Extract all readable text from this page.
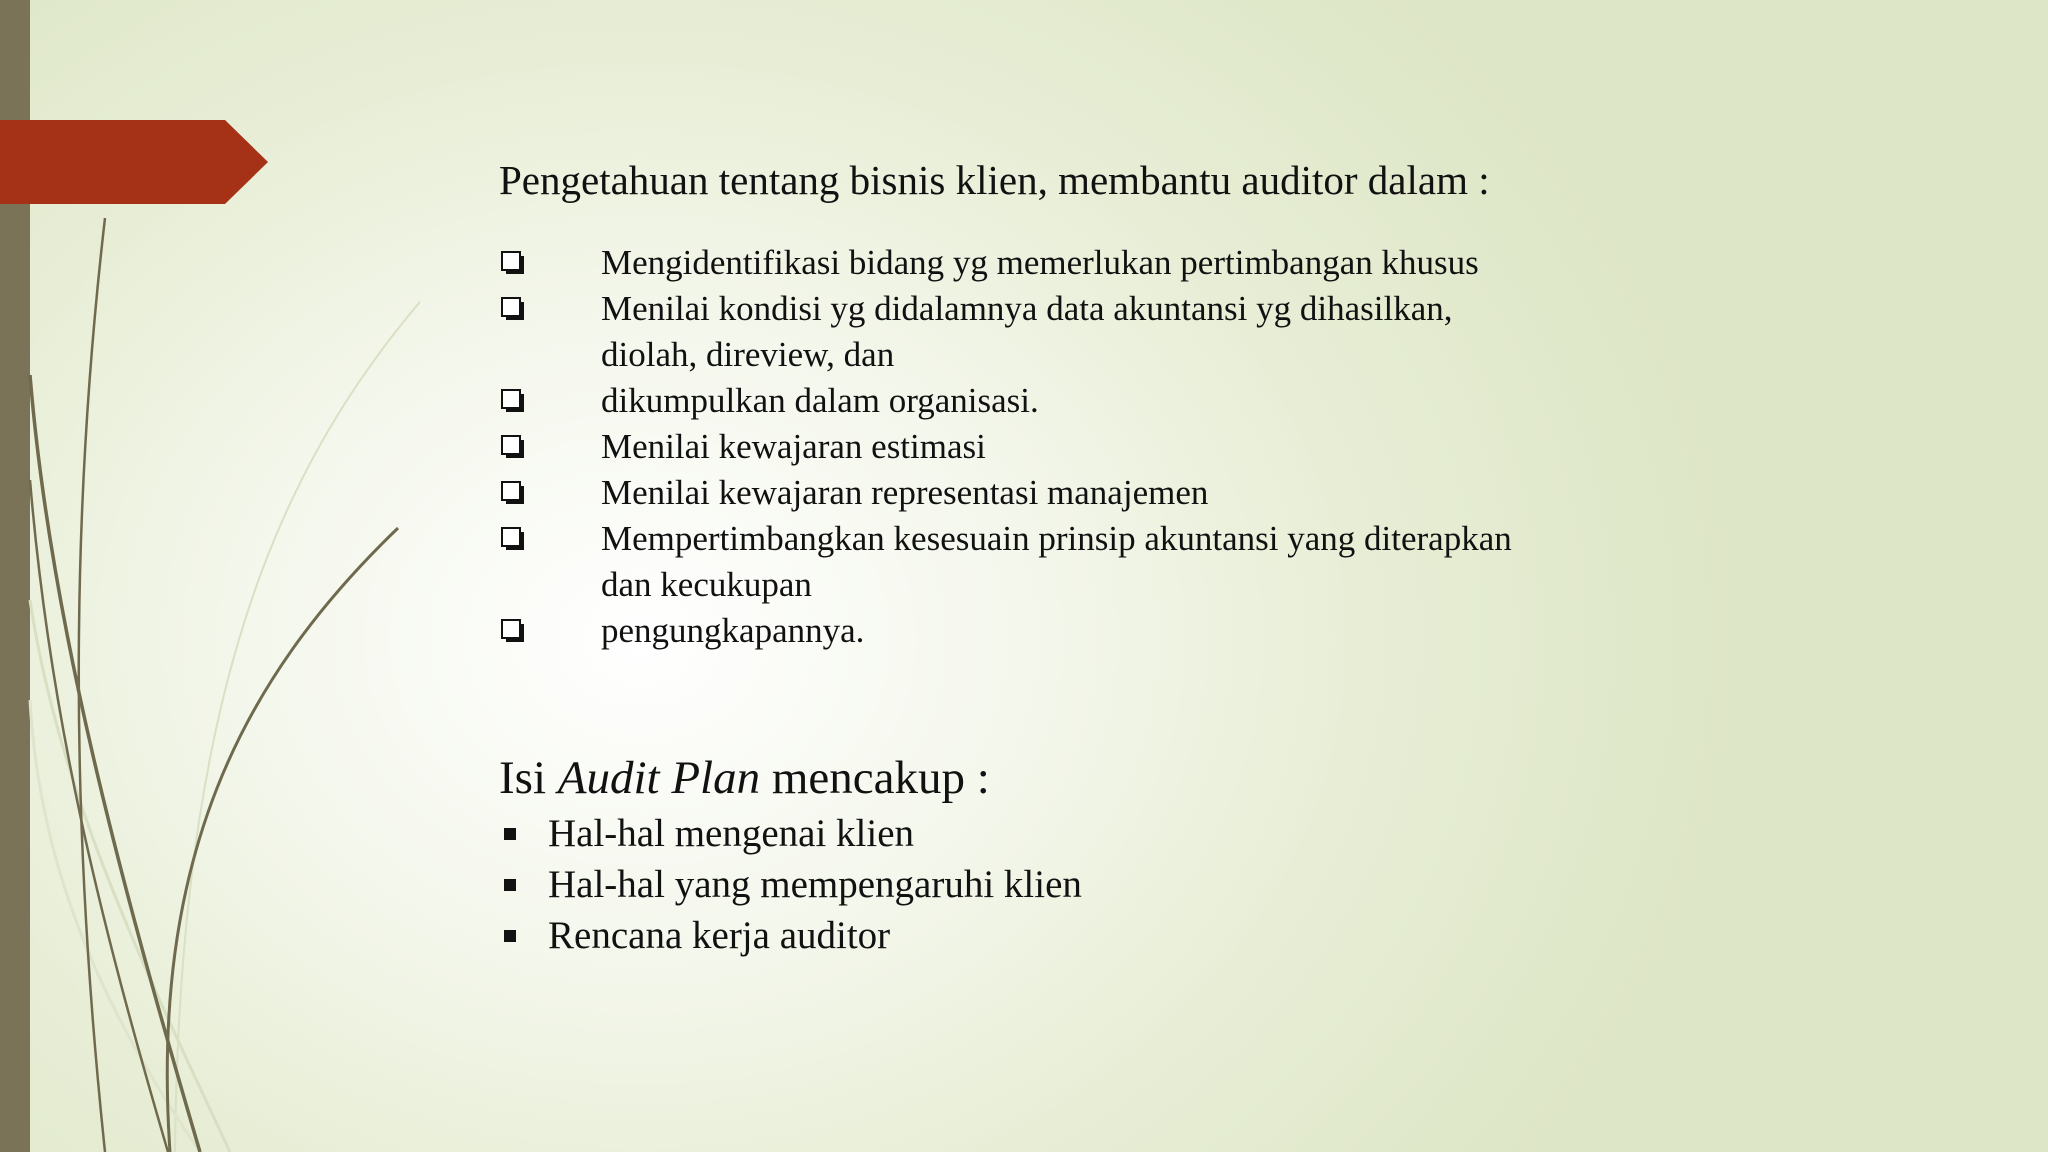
Pengetahuan tentang bisnis klien, membantu auditor dalam :

Mengidentifikasi bidang yg memerlukan pertimbangan khusus
Menilai kondisi yg didalamnya data akuntansi yg dihasilkan,
diolah, direview, dan
dikumpulkan dalam organisasi.
Menilai kewajaran estimasi
Menilai kewajaran representasi manajemen
Mempertimbangkan kesesuain prinsip akuntansi yang diterapkan
dan kecukupan
pengungkapannya.

Isi Audit Plan mencakup :

Hal-hal mengenai klien
Hal-hal yang mempengaruhi klien
Rencana kerja auditor
